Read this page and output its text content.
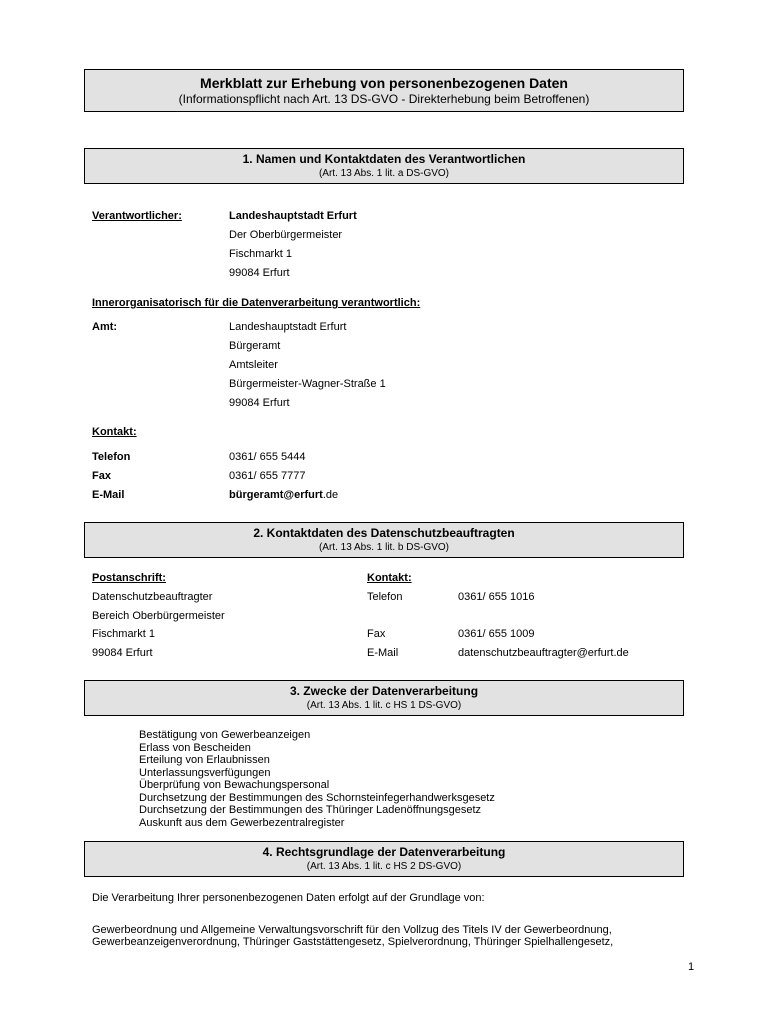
Merkblatt zur Erhebung von personenbezogenen Daten
(Informationspflicht nach Art. 13 DS-GVO - Direkterhebung beim Betroffenen)
1. Namen und Kontaktdaten des Verantwortlichen
(Art. 13 Abs. 1 lit. a DS-GVO)
Verantwortlicher:	Landeshauptstadt Erfurt
Der Oberbürgermeister
Fischmarkt 1
99084 Erfurt
Innerorganisatorisch für die Datenverarbeitung verantwortlich:
Amt:	Landeshauptstadt Erfurt
Bürgeramt
Amtsleiter
Bürgermeister-Wagner-Straße 1
99084 Erfurt
Kontakt:
Telefon	0361/ 655 5444
Fax	0361/ 655 7777
E-Mail	bürgeramt@erfurt.de
2. Kontaktdaten des Datenschutzbeauftragten
(Art. 13 Abs. 1 lit. b DS-GVO)
Postanschrift:	Kontakt:
Datenschutzbeauftragter	Telefon	0361/ 655 1016
Bereich Oberbürgermeister
Fischmarkt 1	Fax	0361/ 655 1009
99084 Erfurt	E-Mail	datenschutzbeauftragter@erfurt.de
3. Zwecke der Datenverarbeitung
(Art. 13 Abs. 1 lit. c HS 1 DS-GVO)
Bestätigung von Gewerbeanzeigen
Erlass von Bescheiden
Erteilung von Erlaubnissen
Unterlassungsverfügungen
Überprüfung von Bewachungspersonal
Durchsetzung der Bestimmungen des Schornsteinfegerhandwerksgesetz
Durchsetzung der Bestimmungen des Thüringer Ladenöffnungsgesetz
Auskunft aus dem Gewerbezentralregister
4. Rechtsgrundlage der Datenverarbeitung
(Art. 13 Abs. 1 lit. c HS 2 DS-GVO)
Die Verarbeitung Ihrer personenbezogenen Daten erfolgt auf der Grundlage von:
Gewerbeordnung und Allgemeine Verwaltungsvorschrift für den Vollzug des Titels IV der Gewerbeordnung,
Gewerbeanzeigenverordnung, Thüringer Gaststättengesetz, Spielverordnung, Thüringer Spielhallengesetz,
1
